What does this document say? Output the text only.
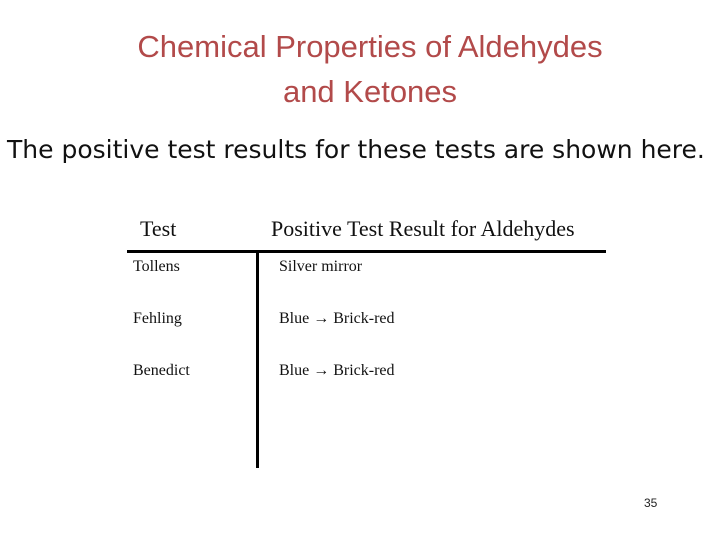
Chemical Properties of Aldehydes
and Ketones
The positive test results for these tests are shown here.
Test	Positive Test Result for Aldehydes
Tollens	Silver mirror
Fehling	Blue → Brick-red
Benedict	Blue → Brick-red
35
